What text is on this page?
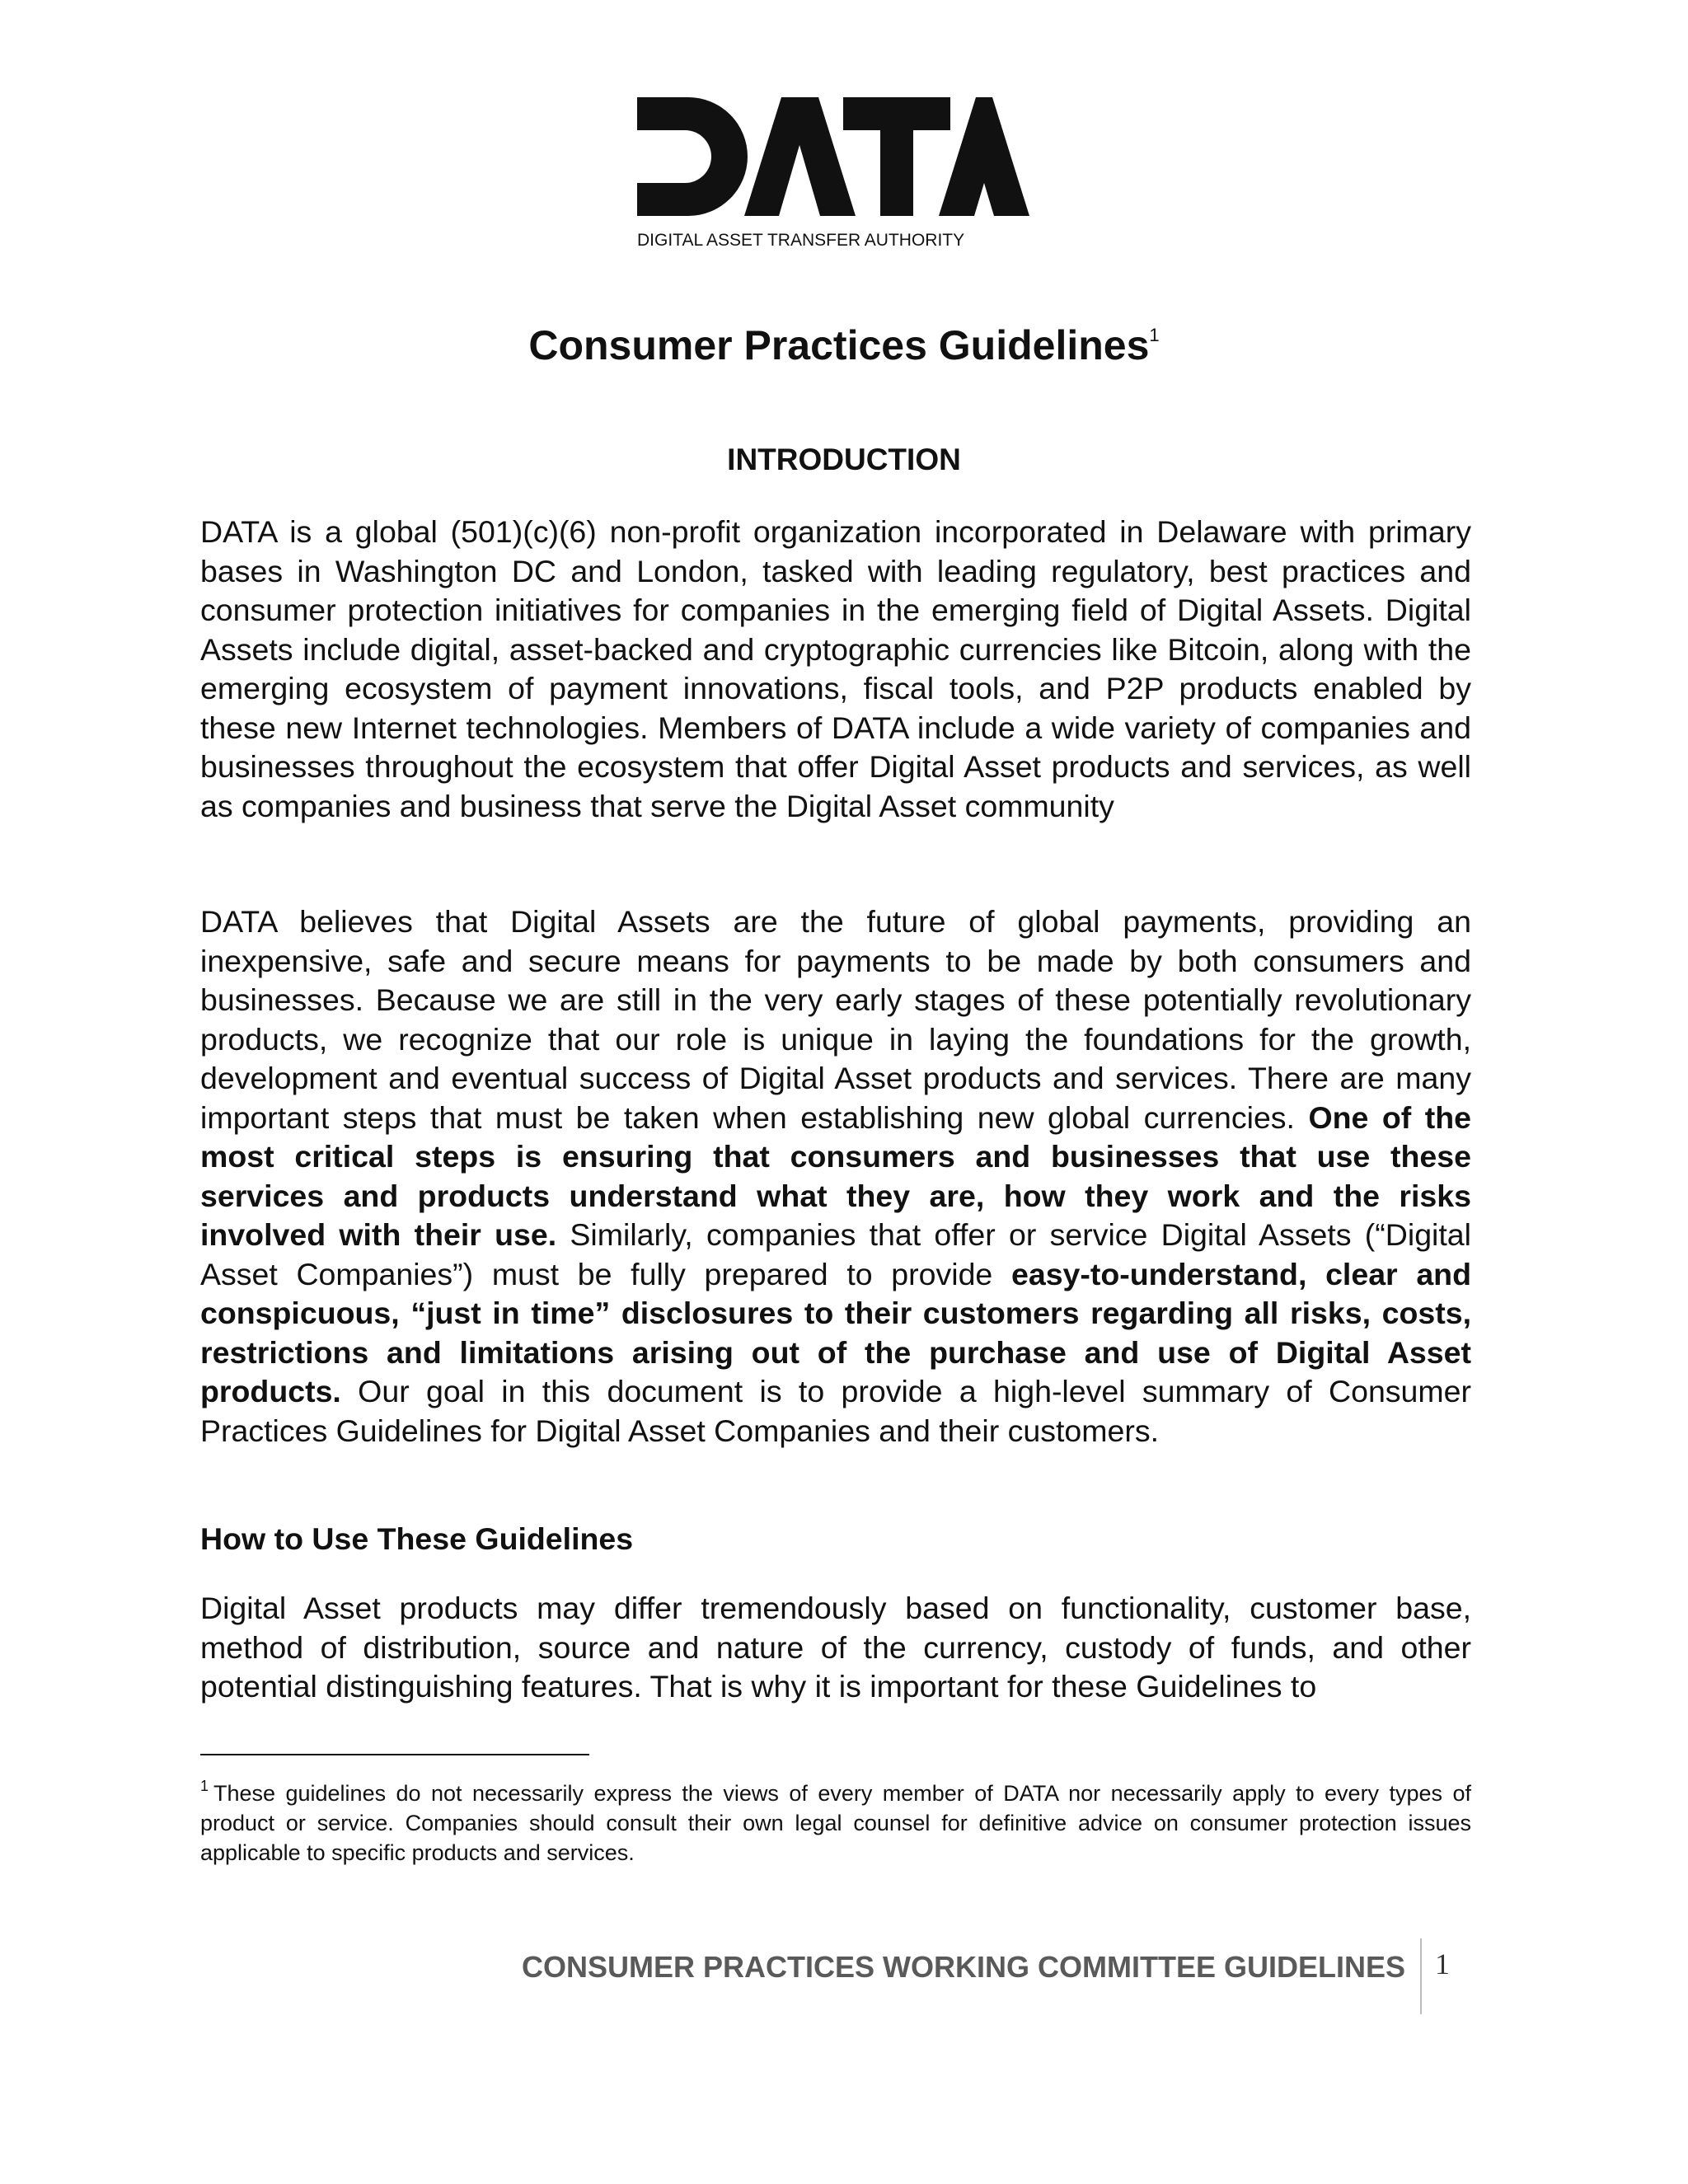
DIGITAL ASSET TRANSFER AUTHORITY
Consumer Practices Guidelines$^1$
INTRODUCTION

DATA is a global (501)(c)(6) non-profit organization incorporated in Delaware with primary bases in Washington DC and London, tasked with leading regulatory, best practices and consumer protection initiatives for companies in the emerging field of Digital Assets. Digital Assets include digital, asset-backed and cryptographic currencies like Bitcoin, along with the emerging ecosystem of payment innovations, fiscal tools, and P2P products enabled by these new Internet technologies. Members of DATA include a wide variety of companies and businesses throughout the ecosystem that offer Digital Asset products and services, as well as companies and business that serve the Digital Asset community

DATA believes that Digital Assets are the future of global payments, providing an inexpensive, safe and secure means for payments to be made by both consumers and businesses. Because we are still in the very early stages of these potentially revolutionary products, we recognize that our role is unique in laying the foundations for the growth, development and eventual success of Digital Asset products and services. There are many important steps that must be taken when establishing new global currencies. One of the most critical steps is ensuring that consumers and businesses that use these services and products understand what they are, how they work and the risks involved with their use. Similarly, companies that offer or service Digital Assets (“Digital Asset Companies”) must be fully prepared to provide easy-to-understand, clear and conspicuous, “just in time” disclosures to their customers regarding all risks, costs, restrictions and limitations arising out of the purchase and use of Digital Asset products. Our goal in this document is to provide a high-level summary of Consumer Practices Guidelines for Digital Asset Companies and their customers.

How to Use These Guidelines

Digital Asset products may differ tremendously based on functionality, customer base, method of distribution, source and nature of the currency, custody of funds, and other potential distinguishing features. That is why it is important for these Guidelines to

$^1$ These guidelines do not necessarily express the views of every member of DATA nor necessarily apply to every types of product or service. Companies should consult their own legal counsel for definitive advice on consumer protection issues applicable to specific products and services.

CONSUMER PRACTICES WORKING COMMITTEE GUIDELINES 1
